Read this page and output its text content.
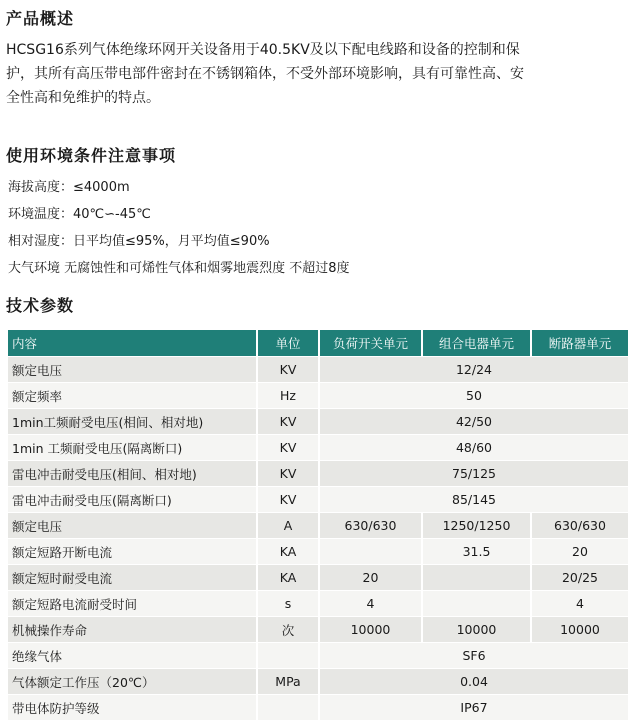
产品概述
HCSG16系列气体绝缘环网开关设备用于40.5KV及以下配电线路和设备的控制和保
护，其所有高压带电部件密封在不锈钢箱体，不受外部环境影响，具有可靠性高、安
全性高和免维护的特点。
使用环境条件注意事项
海拔高度：≤4000m
环境温度：40℃∽-45℃
相对湿度：日平均值≤95%，月平均值≤90%
大气环境 无腐蚀性和可烯性气体和烟雾地震烈度 不超过8度
技术参数
内容	单位	负荷开关单元	组合电器单元	断路器单元
额定电压	KV	12/24		
额定频率	Hz	50		
1min工频耐受电压(相间、相对地)	KV	42/50		
1min 工频耐受电压(隔离断口)	KV	48/60		
雷电冲击耐受电压(相间、相对地)	KV	75/125		
雷电冲击耐受电压(隔离断口)	KV	85/145		
额定电压	A	630/630	1250/1250	630/630
额定短路开断电流	KA		31.5	20
额定短时耐受电流	KA	20		20/25
额定短路电流耐受时间	s	4		4
机械操作寿命	次	10000	10000	10000
绝缘气体		SF6		
气体额定工作压（20℃）	MPa	0.04		
带电体防护等级		IP67		
